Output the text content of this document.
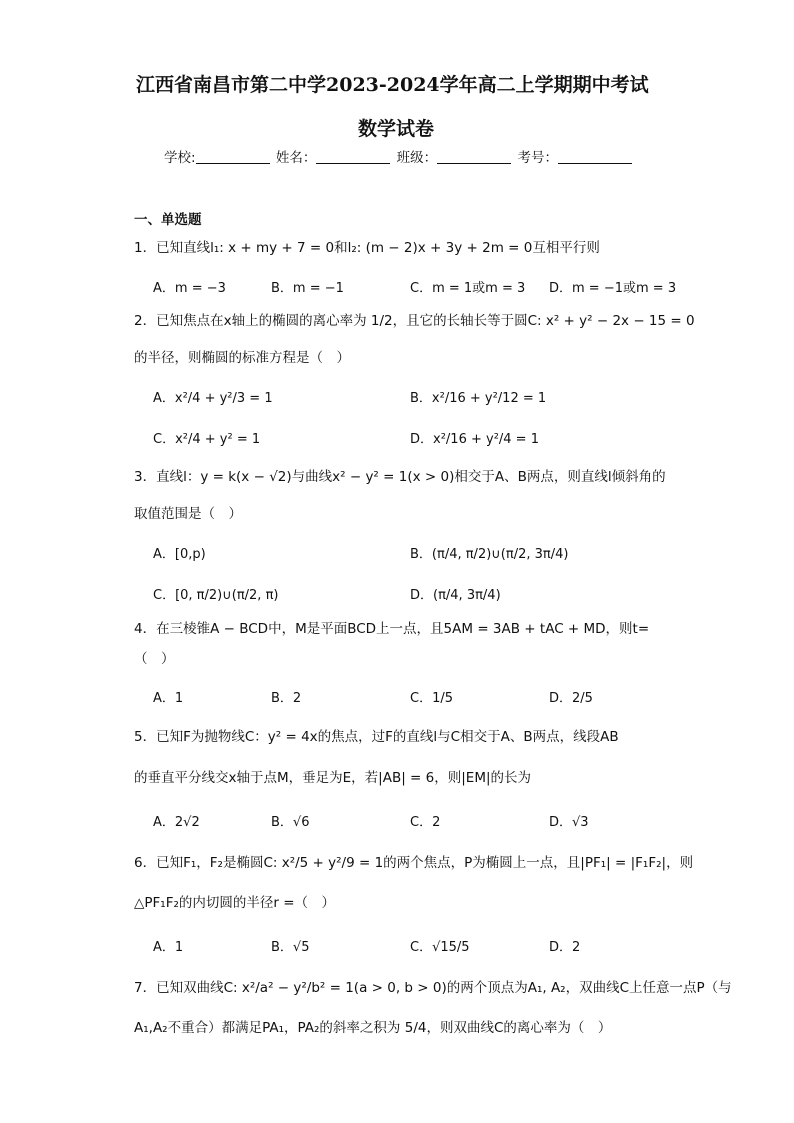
江西省南昌市第二中学2023-2024学年高二上学期期中考试
数学试卷
学校:	姓名：	班级：	考号：
一、单选题
1．已知直线l₁: x + my + 7 = 0和l₂: (m − 2)x + 3y + 2m = 0互相平行则
A．m = −3	B．m = −1	C．m = 1或m = 3 D．m = −1或m = 3
2．已知焦点在x轴上的椭圆的离心率为 1/2，且它的长轴长等于圆C: x² + y² − 2x − 15 = 0
的半径，则椭圆的标准方程是（　）
A．x²/4 + y²/3 = 1	B．x²/16 + y²/12 = 1
C．x²/4 + y² = 1	D．x²/16 + y²/4 = 1
3．直线l：y = k(x − √2)与曲线x² − y² = 1(x > 0)相交于A、B两点，则直线l倾斜角的
取值范围是（　）
A．[0,p)	B．(π/4, π/2)∪(π/2, 3π/4)
C．[0, π/2)∪(π/2, π)	D．(π/4, 3π/4)
4．在三棱锥A − BCD中，M是平面BCD上一点，且5AM = 3AB + tAC + MD，则t=
（　）
A．1	B．2	C．1/5	D．2/5
5．已知F为抛物线C：y² = 4x的焦点，过F的直线l与C相交于A、B两点，线段AB
的垂直平分线交x轴于点M，垂足为E，若|AB| = 6，则|EM|的长为
A．2√2	B．√6	C．2	D．√3
6．已知F₁，F₂是椭圆C: x²/5 + y²/9 = 1的两个焦点，P为椭圆上一点，且|PF₁| = |F₁F₂|，则
△PF₁F₂的内切圆的半径r =（　）
A．1	B．√5	C．√15/5	D．2
7．已知双曲线C: x²/a² − y²/b² = 1(a > 0, b > 0)的两个顶点为A₁, A₂，双曲线C上任意一点P（与
A₁,A₂不重合）都满足PA₁，PA₂的斜率之积为 5/4，则双曲线C的离心率为（　）
